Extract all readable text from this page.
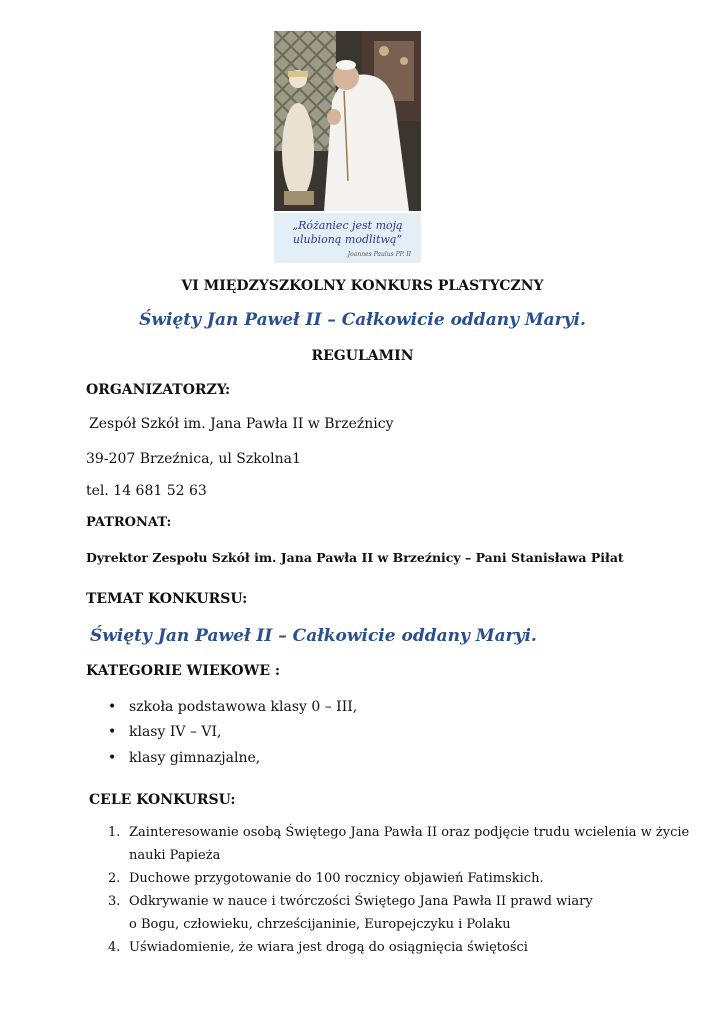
„Różaniec jest moją
ulubioną modlitwą”
Joannes Paulus PP. II
VI MIĘDZYSZKOLNY KONKURS PLASTYCZNY
Święty Jan Paweł II – Całkowicie oddany Maryi.
REGULAMIN
ORGANIZATORZY:
Zespół Szkół im. Jana Pawła II w Brzeźnicy
39-207 Brzeźnica, ul Szkolna1
tel. 14 681 52 63
PATRONAT:
Dyrektor Zespołu Szkół im. Jana Pawła II w Brzeźnicy – Pani Stanisława Piłat
TEMAT KONKURSU:
Święty Jan Paweł II – Całkowicie oddany Maryi.
KATEGORIE WIEKOWE :
• szkoła podstawowa klasy 0 – III,
• klasy IV – VI,
• klasy gimnazjalne,
CELE KONKURSU:
1. Zainteresowanie osobą Świętego Jana Pawła II oraz podjęcie trudu wcielenia w życie
nauki Papieża
2. Duchowe przygotowanie do 100 rocznicy objawień Fatimskich.
3. Odkrywanie w nauce i twórczości Świętego Jana Pawła II prawd wiary
o Bogu, człowieku, chrześcijaninie, Europejczyku i Polaku
4. Uświadomienie, że wiara jest drogą do osiągnięcia świętości
